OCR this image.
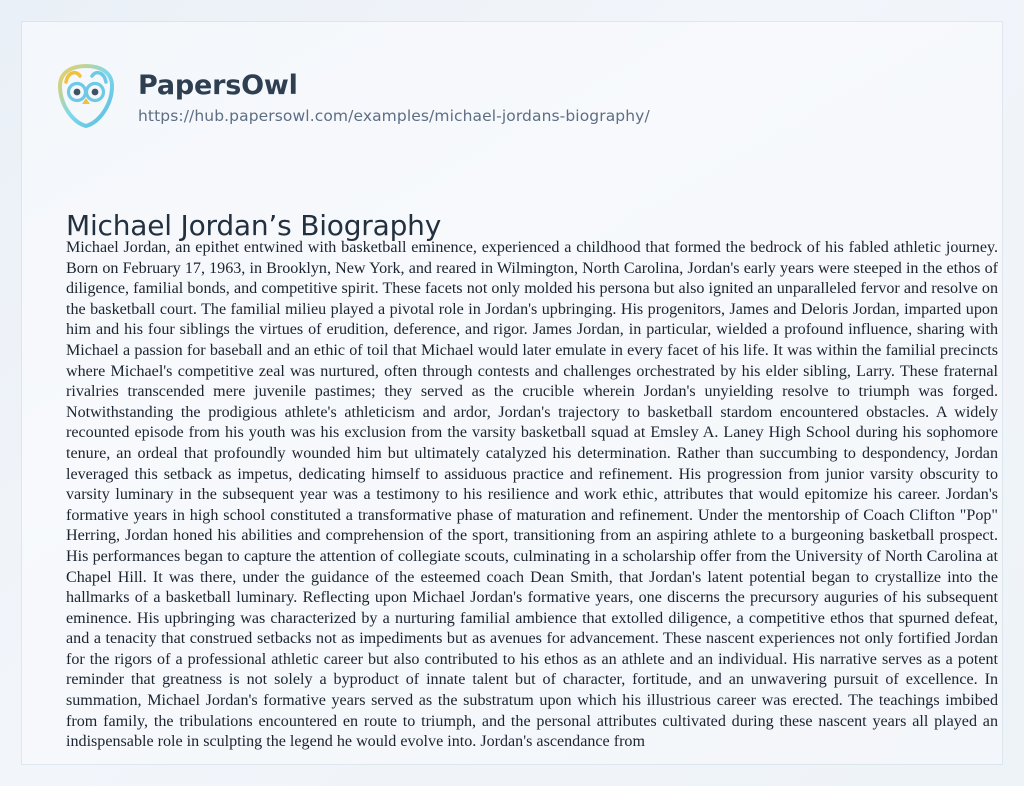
PapersOwl
https://hub.papersowl.com/examples/michael-jordans-biography/
Michael Jordan’s Biography
Michael Jordan, an epithet entwined with basketball eminence, experienced a childhood that formed the bedrock of his fabled athletic journey. Born on February 17, 1963, in Brooklyn, New York, and reared in Wilmington, North Carolina, Jordan's early years were steeped in the ethos of diligence, familial bonds, and competitive spirit. These facets not only molded his persona but also ignited an unparalleled fervor and resolve on the basketball court. The familial milieu played a pivotal role in Jordan's upbringing. His progenitors, James and Deloris Jordan, imparted upon him and his four siblings the virtues of erudition, deference, and rigor. James Jordan, in particular, wielded a profound influence, sharing with Michael a passion for baseball and an ethic of toil that Michael would later emulate in every facet of his life. It was within the familial precincts where Michael's competitive zeal was nurtured, often through contests and challenges orchestrated by his elder sibling, Larry. These fraternal rivalries transcended mere juvenile pastimes; they served as the crucible wherein Jordan's unyielding resolve to triumph was forged. Notwithstanding the prodigious athlete's athleticism and ardor, Jordan's trajectory to basketball stardom encountered obstacles. A widely recounted episode from his youth was his exclusion from the varsity basketball squad at Emsley A. Laney High School during his sophomore tenure, an ordeal that profoundly wounded him but ultimately catalyzed his determination. Rather than succumbing to despondency, Jordan leveraged this setback as impetus, dedicating himself to assiduous practice and refinement. His progression from junior varsity obscurity to varsity luminary in the subsequent year was a testimony to his resilience and work ethic, attributes that would epitomize his career. Jordan's formative years in high school constituted a transformative phase of maturation and refinement. Under the mentorship of Coach Clifton "Pop" Herring, Jordan honed his abilities and comprehension of the sport, transitioning from an aspiring athlete to a burgeoning basketball prospect. His performances began to capture the attention of collegiate scouts, culminating in a scholarship offer from the University of North Carolina at Chapel Hill. It was there, under the guidance of the esteemed coach Dean Smith, that Jordan's latent potential began to crystallize into the hallmarks of a basketball luminary. Reflecting upon Michael Jordan's formative years, one discerns the precursory auguries of his subsequent eminence. His upbringing was characterized by a nurturing familial ambience that extolled diligence, a competitive ethos that spurned defeat, and a tenacity that construed setbacks not as impediments but as avenues for advancement. These nascent experiences not only fortified Jordan for the rigors of a professional athletic career but also contributed to his ethos as an athlete and an individual. His narrative serves as a potent reminder that greatness is not solely a byproduct of innate talent but of character, fortitude, and an unwavering pursuit of excellence. In summation, Michael Jordan's formative years served as the substratum upon which his illustrious career was erected. The teachings imbibed from family, the tribulations encountered en route to triumph, and the personal attributes cultivated during these nascent years all played an indispensable role in sculpting the legend he would evolve into. Jordan's ascendance from
